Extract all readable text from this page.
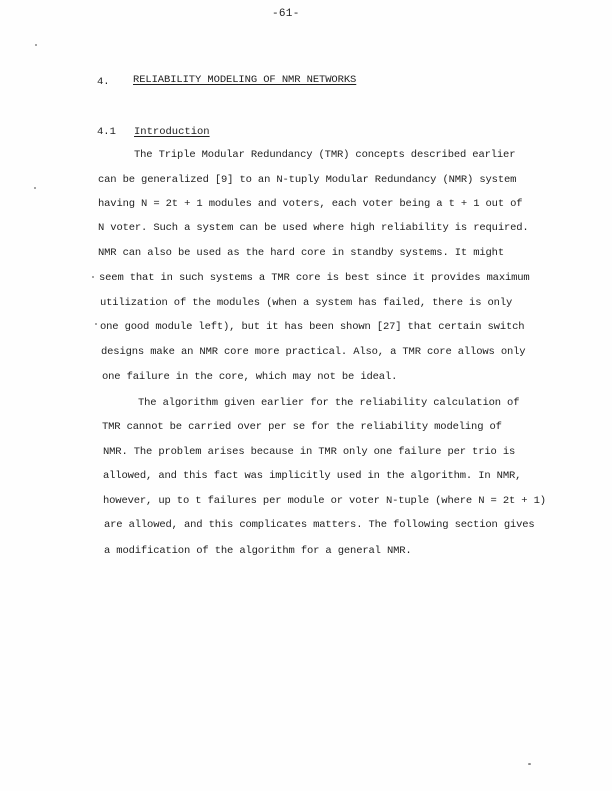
-61-
4. RELIABILITY MODELING OF NMR NETWORKS
4.1 Introduction
The Triple Modular Redundancy (TMR) concepts described earlier
can be generalized [9] to an N-tuply Modular Redundancy (NMR) system
having N = 2t + 1 modules and voters, each voter being a t + 1 out of
N voter. Such a system can be used where high reliability is required.
NMR can also be used as the hard core in standby systems. It might
seem that in such systems a TMR core is best since it provides maximum
utilization of the modules (when a system has failed, there is only
one good module left), but it has been shown [27] that certain switch
designs make an NMR core more practical. Also, a TMR core allows only
one failure in the core, which may not be ideal.
The algorithm given earlier for the reliability calculation of
TMR cannot be carried over per se for the reliability modeling of
NMR. The problem arises because in TMR only one failure per trio is
allowed, and this fact was implicitly used in the algorithm. In NMR,
however, up to t failures per module or voter N-tuple (where N = 2t + 1)
are allowed, and this complicates matters. The following section gives
a modification of the algorithm for a general NMR.
